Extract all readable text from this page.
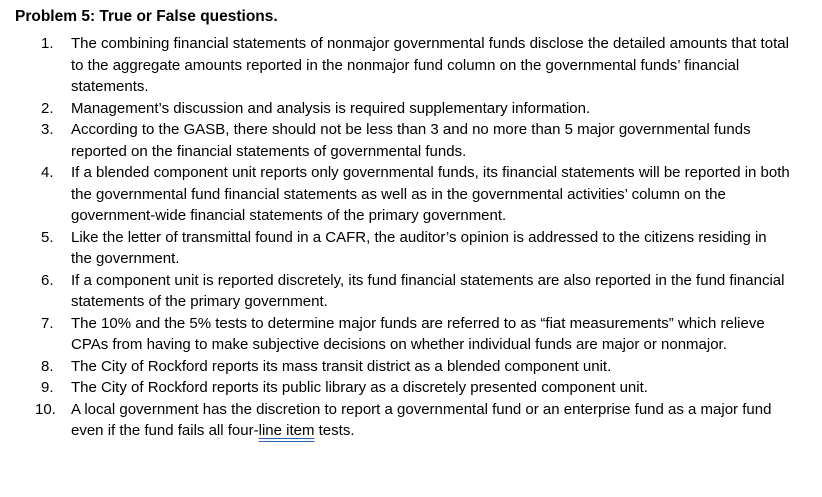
Problem 5: True or False questions.
1.	The combining financial statements of nonmajor governmental funds disclose the detailed amounts that total to the aggregate amounts reported in the nonmajor fund column on the governmental funds’ financial statements.
2.	Management’s discussion and analysis is required supplementary information.
3.	According to the GASB, there should not be less than 3 and no more than 5 major governmental funds reported on the financial statements of governmental funds.
4.	If a blended component unit reports only governmental funds, its financial statements will be reported in both the governmental fund financial statements as well as in the governmental activities’ column on the government-wide financial statements of the primary government.
5.	Like the letter of transmittal found in a CAFR, the auditor’s opinion is addressed to the citizens residing in the government.
6.	If a component unit is reported discretely, its fund financial statements are also reported in the fund financial statements of the primary government.
7.	The 10% and the 5% tests to determine major funds are referred to as “fiat measurements” which relieve CPAs from having to make subjective decisions on whether individual funds are major or nonmajor.
8.	The City of Rockford reports its mass transit district as a blended component unit.
9.	The City of Rockford reports its public library as a discretely presented component unit.
10.	A local government has the discretion to report a governmental fund or an enterprise fund as a major fund even if the fund fails all four-line item tests.
